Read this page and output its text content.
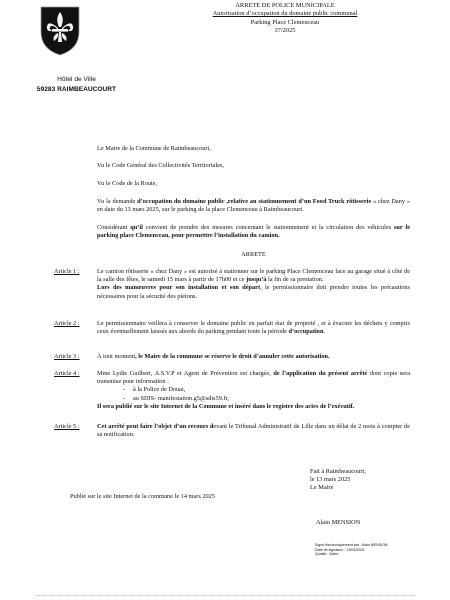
Hôtel de Ville
59283 RAIMBEAUCOURT
ARRETE DE POLICE MUNICIPALE
Autorisation d’occupation du domaine public communal
Parking Place Clemenceau
37/2025
Le Maire de la Commune de Raimbeaucourt,
Vu le Code Général des Collectivités Territoriales,
Vu le Code de la Route,
Vu la demande d’occupation du domaine public ,relative au stationnement d’un Food Truck rôtisserie « chez Dany » en date du 13 mars 2025, sur le parking de la place Clemenceau à Raimbeaucourt.
Considérant qu’il convient de prendre des mesures concernant le stationnement et la circulation des véhicules sur le parking place Clemenceau, pour permettre l’installation du camion.
ARRETE
Article 1 :	Le camion rôtisserie « chez Dany » est autorisé à stationner sur le parking Place Clemenceau face au garage situé à côté de la salle des fêtes, le samedi 15 mars à partir de 17h00 et ce jusqu’à la fin de sa prestation.
Lors des manœuvres pour son installation et son départ, le permissionnaire doit prendre toutes les précautions nécessaires pour la sécurité des piétons.
Article 2 :	Le permissionnaire veillera à conserver le domaine public en parfait état de propreté , et à évacuer les déchets y compris ceux éventuellement laissés aux abords du parking pendant toute la période d’occupation.
Article 3 :	À tout moment, le Maire de la commune se réserve le droit d’annuler cette autorisation.
Article 4 :	Mme Lydie Guilbert, A.S.V.P et Agent de Prévention est chargée, de l’application du présent arrêté dont copie sera transmise pour information :
- à la Police de Douai,
- au SDIS- manifestation.g5@sdis59.fr,
Il sera publié sur le site Internet de la Commune et inséré dans le registre des actes de l’exécutif.
Article 5 :	Cet arrêté peut faire l’objet d’un recours devant le Tribunal Administratif de Lille dans un délai de 2 mois à compter de sa notification.
Fait à Raimbeaucourt,
le 13 mars 2025
Le Maire
Publié sur le site Internet de la commune le 14 mars 2025
Alain MENSION
Signé électroniquement par : Alain MENSION
Date de signature : 13/03/2025
Qualité : Maire
